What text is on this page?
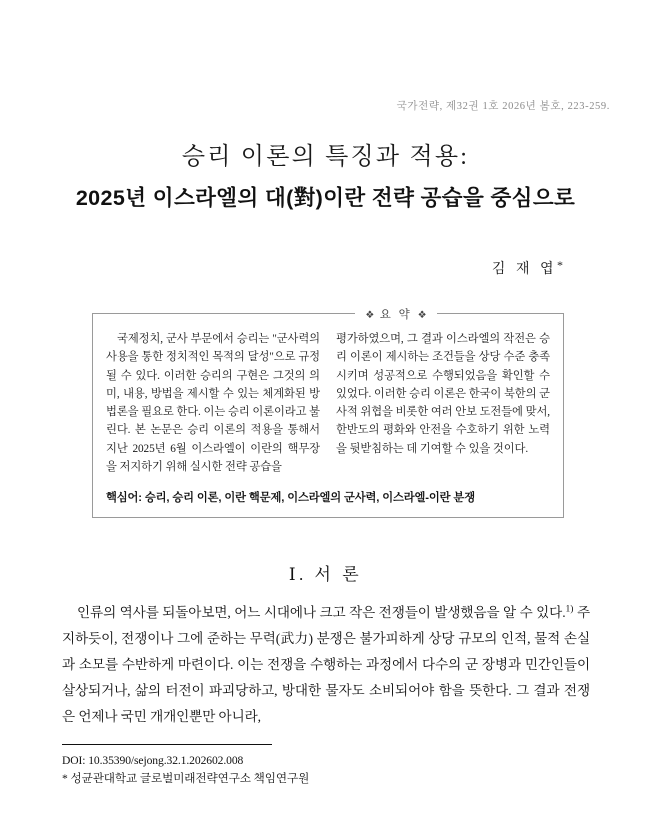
국가전략, 제32권 1호 2026년 봄호, 223-259.
승리 이론의 특징과 적용:
2025년 이스라엘의 대(對)이란 전략 공습을 중심으로
김 재 엽*
❖ 요 약 ❖
국제정치, 군사 부문에서 승리는 "군사력의 사용을 통한 정치적인 목적의 달성"으로 규정될 수 있다. 이러한 승리의 구현은 그것의 의미, 내용, 방법을 제시할 수 있는 체계화된 방법론을 필요로 한다. 이는 승리 이론이라고 불린다. 본 논문은 승리 이론의 적용을 통해서 지난 2025년 6월 이스라엘이 이란의 핵무장을 저지하기 위해 실시한 전략 공습을
평가하였으며, 그 결과 이스라엘의 작전은 승리 이론이 제시하는 조건들을 상당 수준 충족시키며 성공적으로 수행되었음을 확인할 수 있었다. 이러한 승리 이론은 한국이 북한의 군사적 위협을 비롯한 여러 안보 도전들에 맞서, 한반도의 평화와 안전을 수호하기 위한 노력을 뒷받침하는 데 기여할 수 있을 것이다.
핵심어: 승리, 승리 이론, 이란 핵문제, 이스라엘의 군사력, 이스라엘-이란 분쟁
Ⅰ. 서 론
인류의 역사를 되돌아보면, 어느 시대에나 크고 작은 전쟁들이 발생했음을 알 수 있다.$^{1)}$ 주지하듯이, 전쟁이나 그에 준하는 무력(武力) 분쟁은 불가피하게 상당 규모의 인적, 물적 손실과 소모를 수반하게 마련이다. 이는 전쟁을 수행하는 과정에서 다수의 군 장병과 민간인들이 살상되거나, 삶의 터전이 파괴당하고, 방대한 물자도 소비되어야 함을 뜻한다. 그 결과 전쟁은 언제나 국민 개개인뿐만 아니라,
DOI: 10.35390/sejong.32.1.202602.008
* 성균관대학교 글로벌미래전략연구소 책임연구원
